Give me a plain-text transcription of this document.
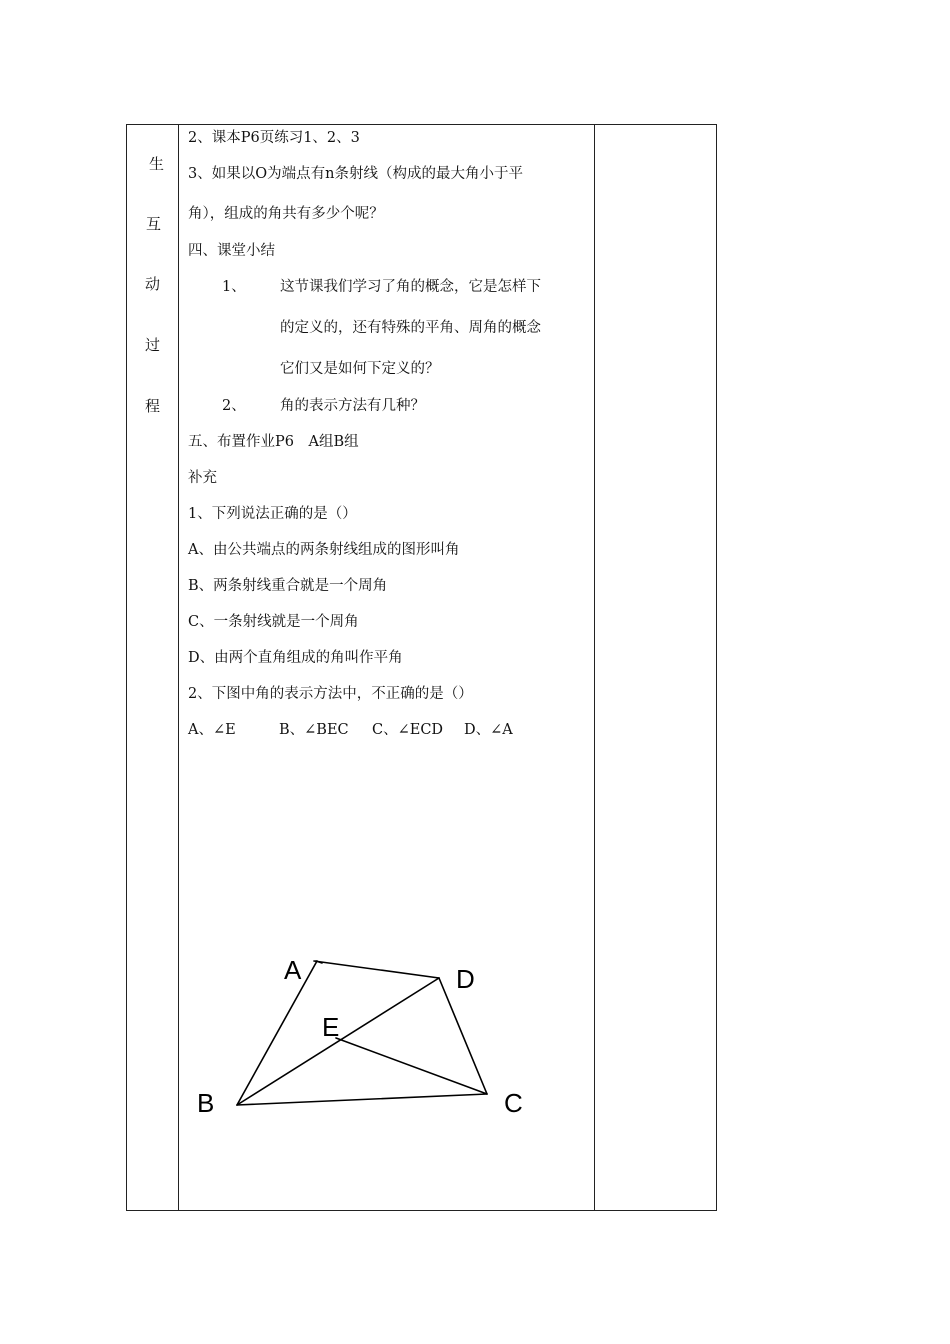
生
互
动
过
程
2、课本P6页练习1、2、3
3、如果以O为端点有n条射线（构成的最大角小于平
角），组成的角共有多少个呢？
四、课堂小结
1、 这节课我们学习了角的概念，它是怎样下
的定义的，还有特殊的平角、周角的概念
它们又是如何下定义的？
2、 角的表示方法有几种？
五、布置作业P6　A组B组
补充
1、下列说法正确的是（）
A、由公共端点的两条射线组成的图形叫角
B、两条射线重合就是一个周角
C、一条射线就是一个周角
D、由两个直角组成的角叫作平角
2、下图中角的表示方法中，不正确的是（）
A、∠E	B、∠BEC C、∠ECD D、∠A
A	D
E
B	C
